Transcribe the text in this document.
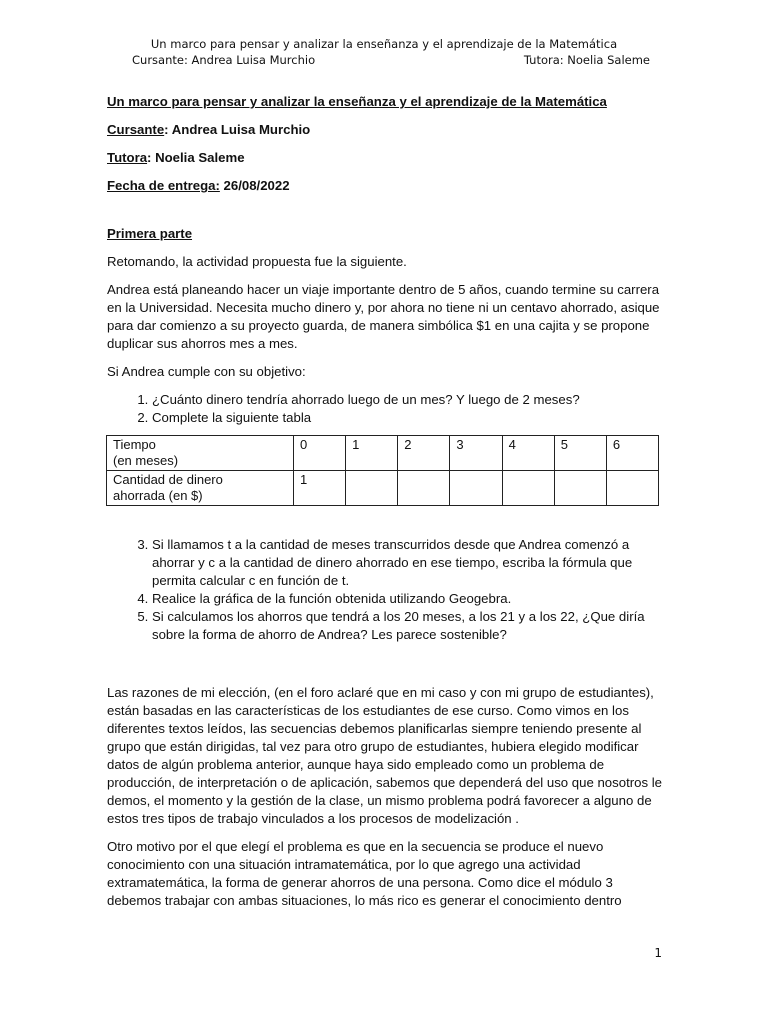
Un marco para pensar y analizar la enseñanza y el aprendizaje de la Matemática
Cursante: Andrea Luisa Murchio	Tutora: Noelia Saleme
Un marco para pensar y analizar la enseñanza y el aprendizaje de la Matemática
Cursante: Andrea Luisa Murchio
Tutora: Noelia Saleme
Fecha de entrega: 26/08/2022
Primera parte

Retomando, la actividad propuesta fue la siguiente.

Andrea está planeando hacer un viaje importante dentro de 5 años, cuando termine su carrera en la Universidad. Necesita mucho dinero y, por ahora no tiene ni un centavo ahorrado, asique para dar comienzo a su proyecto guarda, de manera simbólica $1 en una cajita y se propone duplicar sus ahorros mes a mes.

Si Andrea cumple con su objetivo:

1. ¿Cuánto dinero tendría ahorrado luego de un mes? Y luego de 2 meses?
2. Complete la siguiente tabla
Tiempo
(en meses)	0	1	2	3	4	5	6
Cantidad de dinero
ahorrada (en $)	1						
3. Si llamamos t a la cantidad de meses transcurridos desde que Andrea comenzó a ahorrar y c a la cantidad de dinero ahorrado en ese tiempo, escriba la fórmula que permita calcular c en función de t.
4. Realice la gráfica de la función obtenida utilizando Geogebra.
5. Si calculamos los ahorros que tendrá a los 20 meses, a los 21 y a los 22, ¿Que diría sobre la forma de ahorro de Andrea? Les parece sostenible?

Las razones de mi elección, (en el foro aclaré que en mi caso y con mi grupo de estudiantes), están basadas en las características de los estudiantes de ese curso. Como vimos en los diferentes textos leídos, las secuencias debemos planificarlas siempre teniendo presente al grupo que están dirigidas, tal vez para otro grupo de estudiantes, hubiera elegido modificar datos de algún problema anterior, aunque haya sido empleado como un problema de producción, de interpretación o de aplicación, sabemos que dependerá del uso que nosotros le demos, el momento y la gestión de la clase, un mismo problema podrá favorecer a alguno de estos tres tipos de trabajo vinculados a los procesos de modelización .

Otro motivo por el que elegí el problema es que en la secuencia se produce el nuevo conocimiento con una situación intramatemática, por lo que agrego una actividad extramatemática, la forma de generar ahorros de una persona. Como dice el módulo 3 debemos trabajar con ambas situaciones, lo más rico es generar el conocimiento dentro

1
